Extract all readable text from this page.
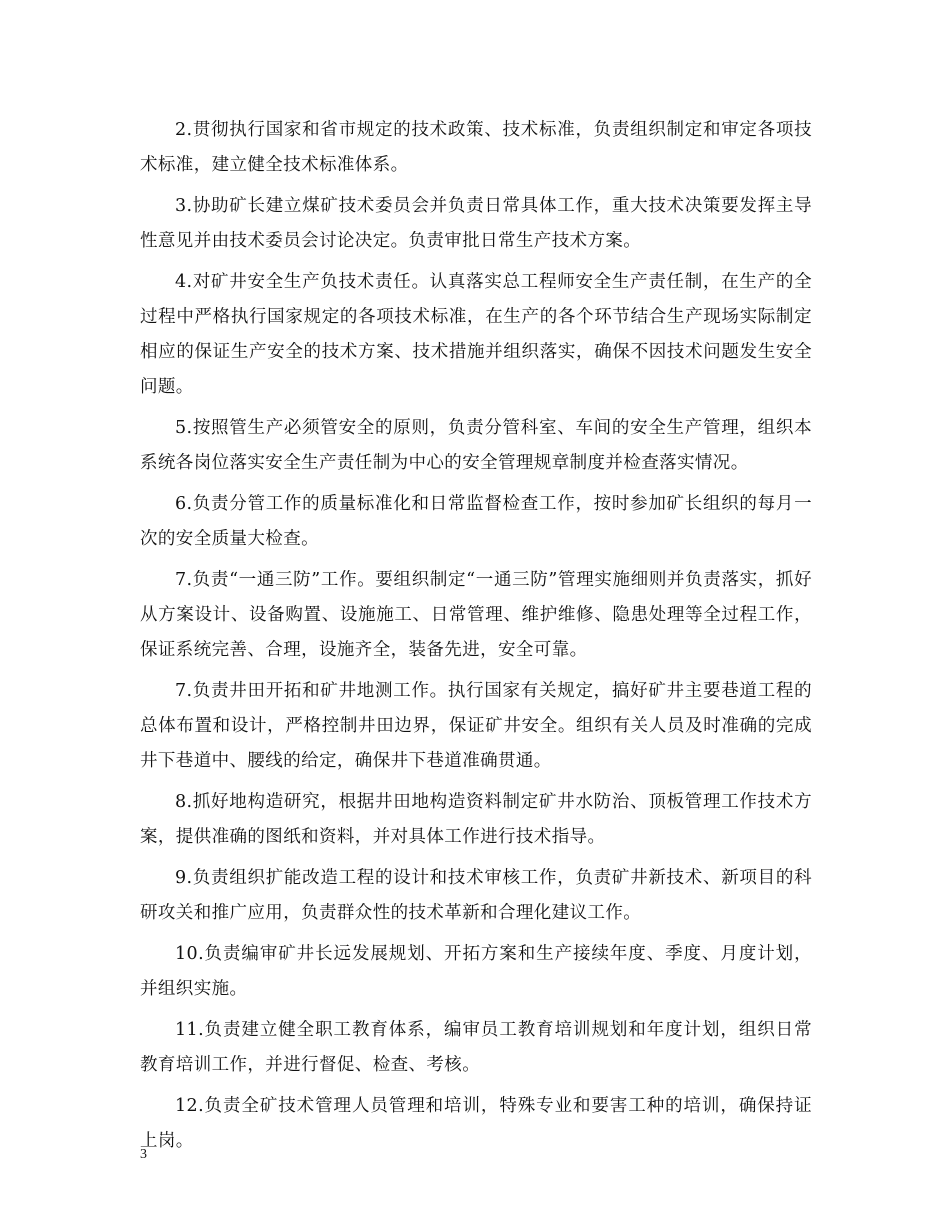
2.贯彻执行国家和省市规定的技术政策、技术标准，负责组织制定和审定各项技术标准，建立健全技术标准体系。

3.协助矿长建立煤矿技术委员会并负责日常具体工作，重大技术决策要发挥主导性意见并由技术委员会讨论决定。负责审批日常生产技术方案。

4.对矿井安全生产负技术责任。认真落实总工程师安全生产责任制，在生产的全过程中严格执行国家规定的各项技术标准，在生产的各个环节结合生产现场实际制定相应的保证生产安全的技术方案、技术措施并组织落实，确保不因技术问题发生安全问题。

5.按照管生产必须管安全的原则，负责分管科室、车间的安全生产管理，组织本系统各岗位落实安全生产责任制为中心的安全管理规章制度并检查落实情况。

6.负责分管工作的质量标准化和日常监督检查工作，按时参加矿长组织的每月一次的安全质量大检查。

7.负责“一通三防”工作。要组织制定“一通三防”管理实施细则并负责落实，抓好从方案设计、设备购置、设施施工、日常管理、维护维修、隐患处理等全过程工作，保证系统完善、合理，设施齐全，装备先进，安全可靠。

7.负责井田开拓和矿井地测工作。执行国家有关规定，搞好矿井主要巷道工程的总体布置和设计，严格控制井田边界，保证矿井安全。组织有关人员及时准确的完成井下巷道中、腰线的给定，确保井下巷道准确贯通。

8.抓好地构造研究，根据井田地构造资料制定矿井水防治、顶板管理工作技术方案，提供准确的图纸和资料，并对具体工作进行技术指导。

9.负责组织扩能改造工程的设计和技术审核工作，负责矿井新技术、新项目的科研攻关和推广应用，负责群众性的技术革新和合理化建议工作。

10.负责编审矿井长远发展规划、开拓方案和生产接续年度、季度、月度计划，并组织实施。

11.负责建立健全职工教育体系，编审员工教育培训规划和年度计划，组织日常教育培训工作，并进行督促、检查、考核。

12.负责全矿技术管理人员管理和培训，特殊专业和要害工种的培训，确保持证上岗。

3
